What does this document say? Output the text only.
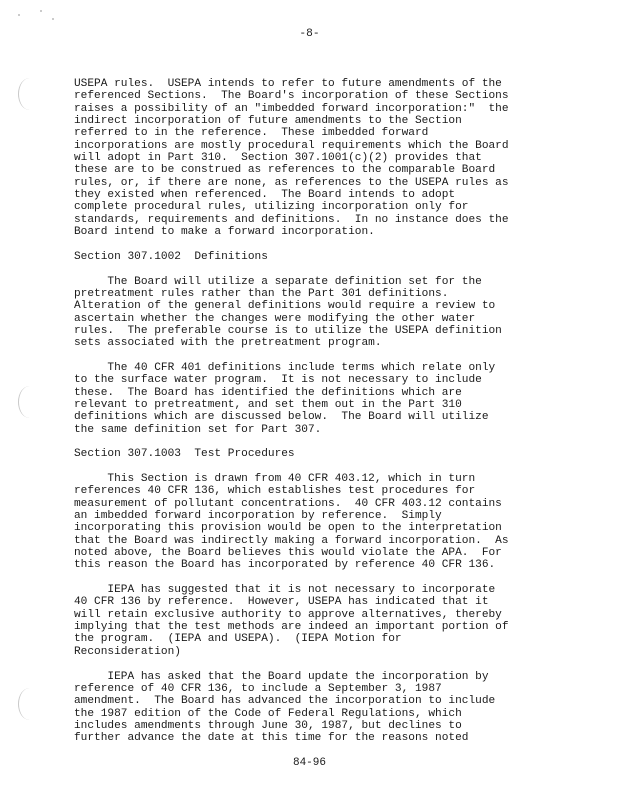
-8-
USEPA rules.  USEPA intends to refer to future amendments of the
referenced Sections.  The Board's incorporation of these Sections
raises a possibility of an "imbedded forward incorporation:"  the
indirect incorporation of future amendments to the Section
referred to in the reference.  These imbedded forward
incorporations are mostly procedural requirements which the Board
will adopt in Part 310.  Section 307.1001(c)(2) provides that
these are to be construed as references to the comparable Board
rules, or, if there are none, as references to the USEPA rules as
they existed when referenced.  The Board intends to adopt
complete procedural rules, utilizing incorporation only for
standards, requirements and definitions.  In no instance does the
Board intend to make a forward incorporation.
Section 307.1002  Definitions
The Board will utilize a separate definition set for the
pretreatment rules rather than the Part 301 definitions.
Alteration of the general definitions would require a review to
ascertain whether the changes were modifying the other water
rules.  The preferable course is to utilize the USEPA definition
sets associated with the pretreatment program.
The 40 CFR 401 definitions include terms which relate only
to the surface water program.  It is not necessary to include
these.  The Board has identified the definitions which are
relevant to pretreatment, and set them out in the Part 310
definitions which are discussed below.  The Board will utilize
the same definition set for Part 307.
Section 307.1003  Test Procedures
This Section is drawn from 40 CFR 403.12, which in turn
references 40 CFR 136, which establishes test procedures for
measurement of pollutant concentrations.  40 CFR 403.12 contains
an imbedded forward incorporation by reference.  Simply
incorporating this provision would be open to the interpretation
that the Board was indirectly making a forward incorporation.  As
noted above, the Board believes this would violate the APA.  For
this reason the Board has incorporated by reference 40 CFR 136.
IEPA has suggested that it is not necessary to incorporate
40 CFR 136 by reference.  However, USEPA has indicated that it
will retain exclusive authority to approve alternatives, thereby
implying that the test methods are indeed an important portion of
the program.  (IEPA and USEPA).  (IEPA Motion for
Reconsideration)
IEPA has asked that the Board update the incorporation by
reference of 40 CFR 136, to include a September 3, 1987
amendment.  The Board has advanced the incorporation to include
the 1987 edition of the Code of Federal Regulations, which
includes amendments through June 30, 1987, but declines to
further advance the date at this time for the reasons noted
84-96
